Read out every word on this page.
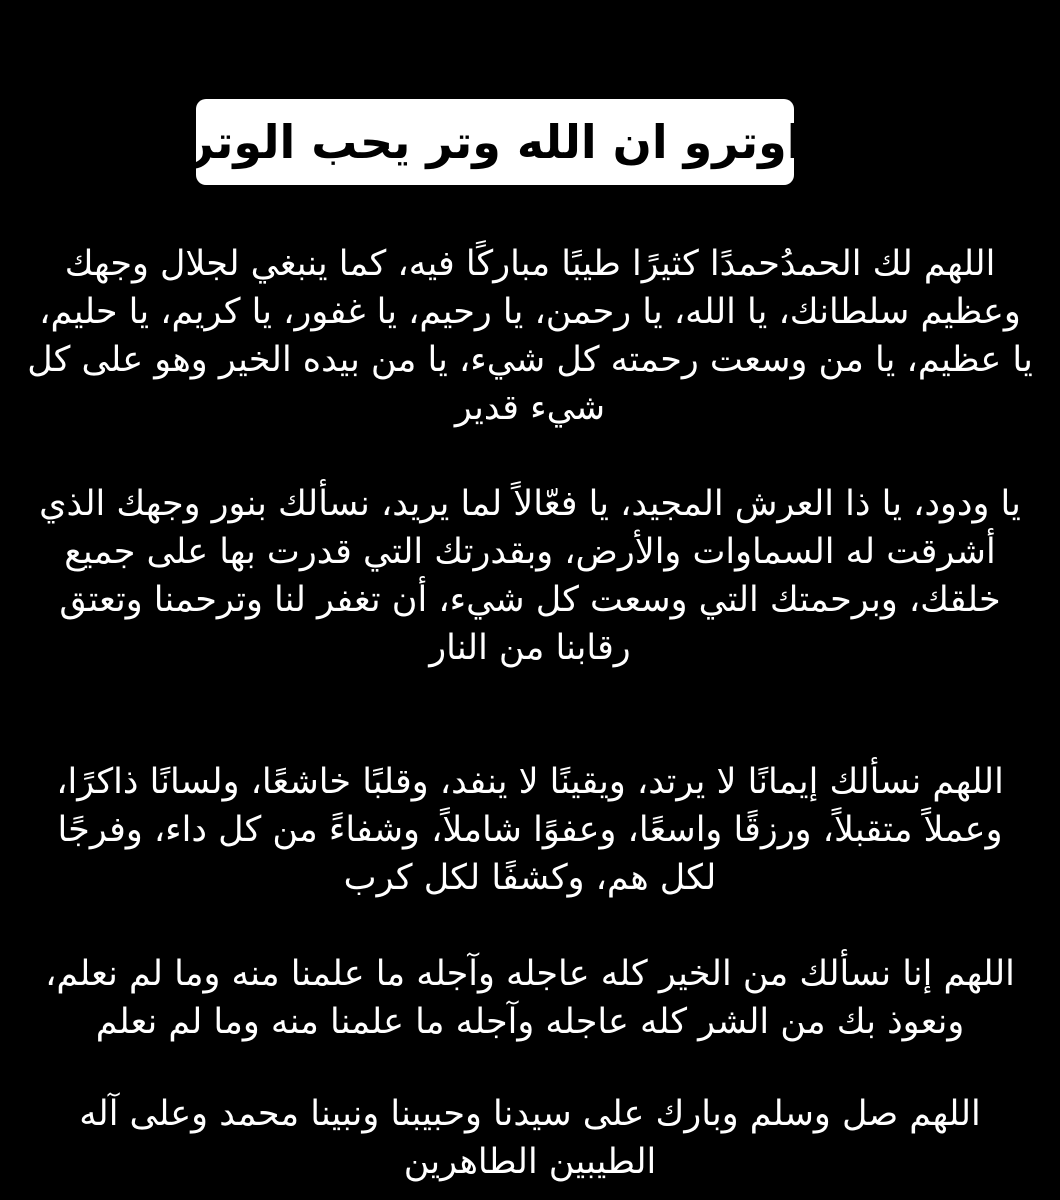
اوترو ان الله وتر يحب الوتر

اللهم لك الحمدُحمدًا كثيرًا طيبًا مباركًا فيه، كما ينبغي لجلال وجهك وعظيم سلطانك، يا الله، يا رحمن، يا رحيم، يا غفور، يا كريم، يا حليم، يا عظيم، يا من وسعت رحمته كل شيء، يا من بيده الخير وهو على كل شيء قدير

يا ودود، يا ذا العرش المجيد، يا فعّالاً لما يريد، نسألك بنور وجهك الذي أشرقت له السماوات والأرض، وبقدرتك التي قدرت بها على جميع خلقك، وبرحمتك التي وسعت كل شيء، أن تغفر لنا وترحمنا وتعتق رقابنا من النار

اللهم نسألك إيمانًا لا يرتد، ويقينًا لا ينفد، وقلبًا خاشعًا، ولسانًا ذاكرًا، وعملاً متقبلاً، ورزقًا واسعًا، وعفوًا شاملاً، وشفاءً من كل داء، وفرجًا لكل هم، وكشفًا لكل كرب

اللهم إنا نسألك من الخير كله عاجله وآجله ما علمنا منه وما لم نعلم، ونعوذ بك من الشر كله عاجله وآجله ما علمنا منه وما لم نعلم

اللهم صل وسلم وبارك على سيدنا وحبيبنا ونبينا محمد وعلى آله الطيبين الطاهرين
